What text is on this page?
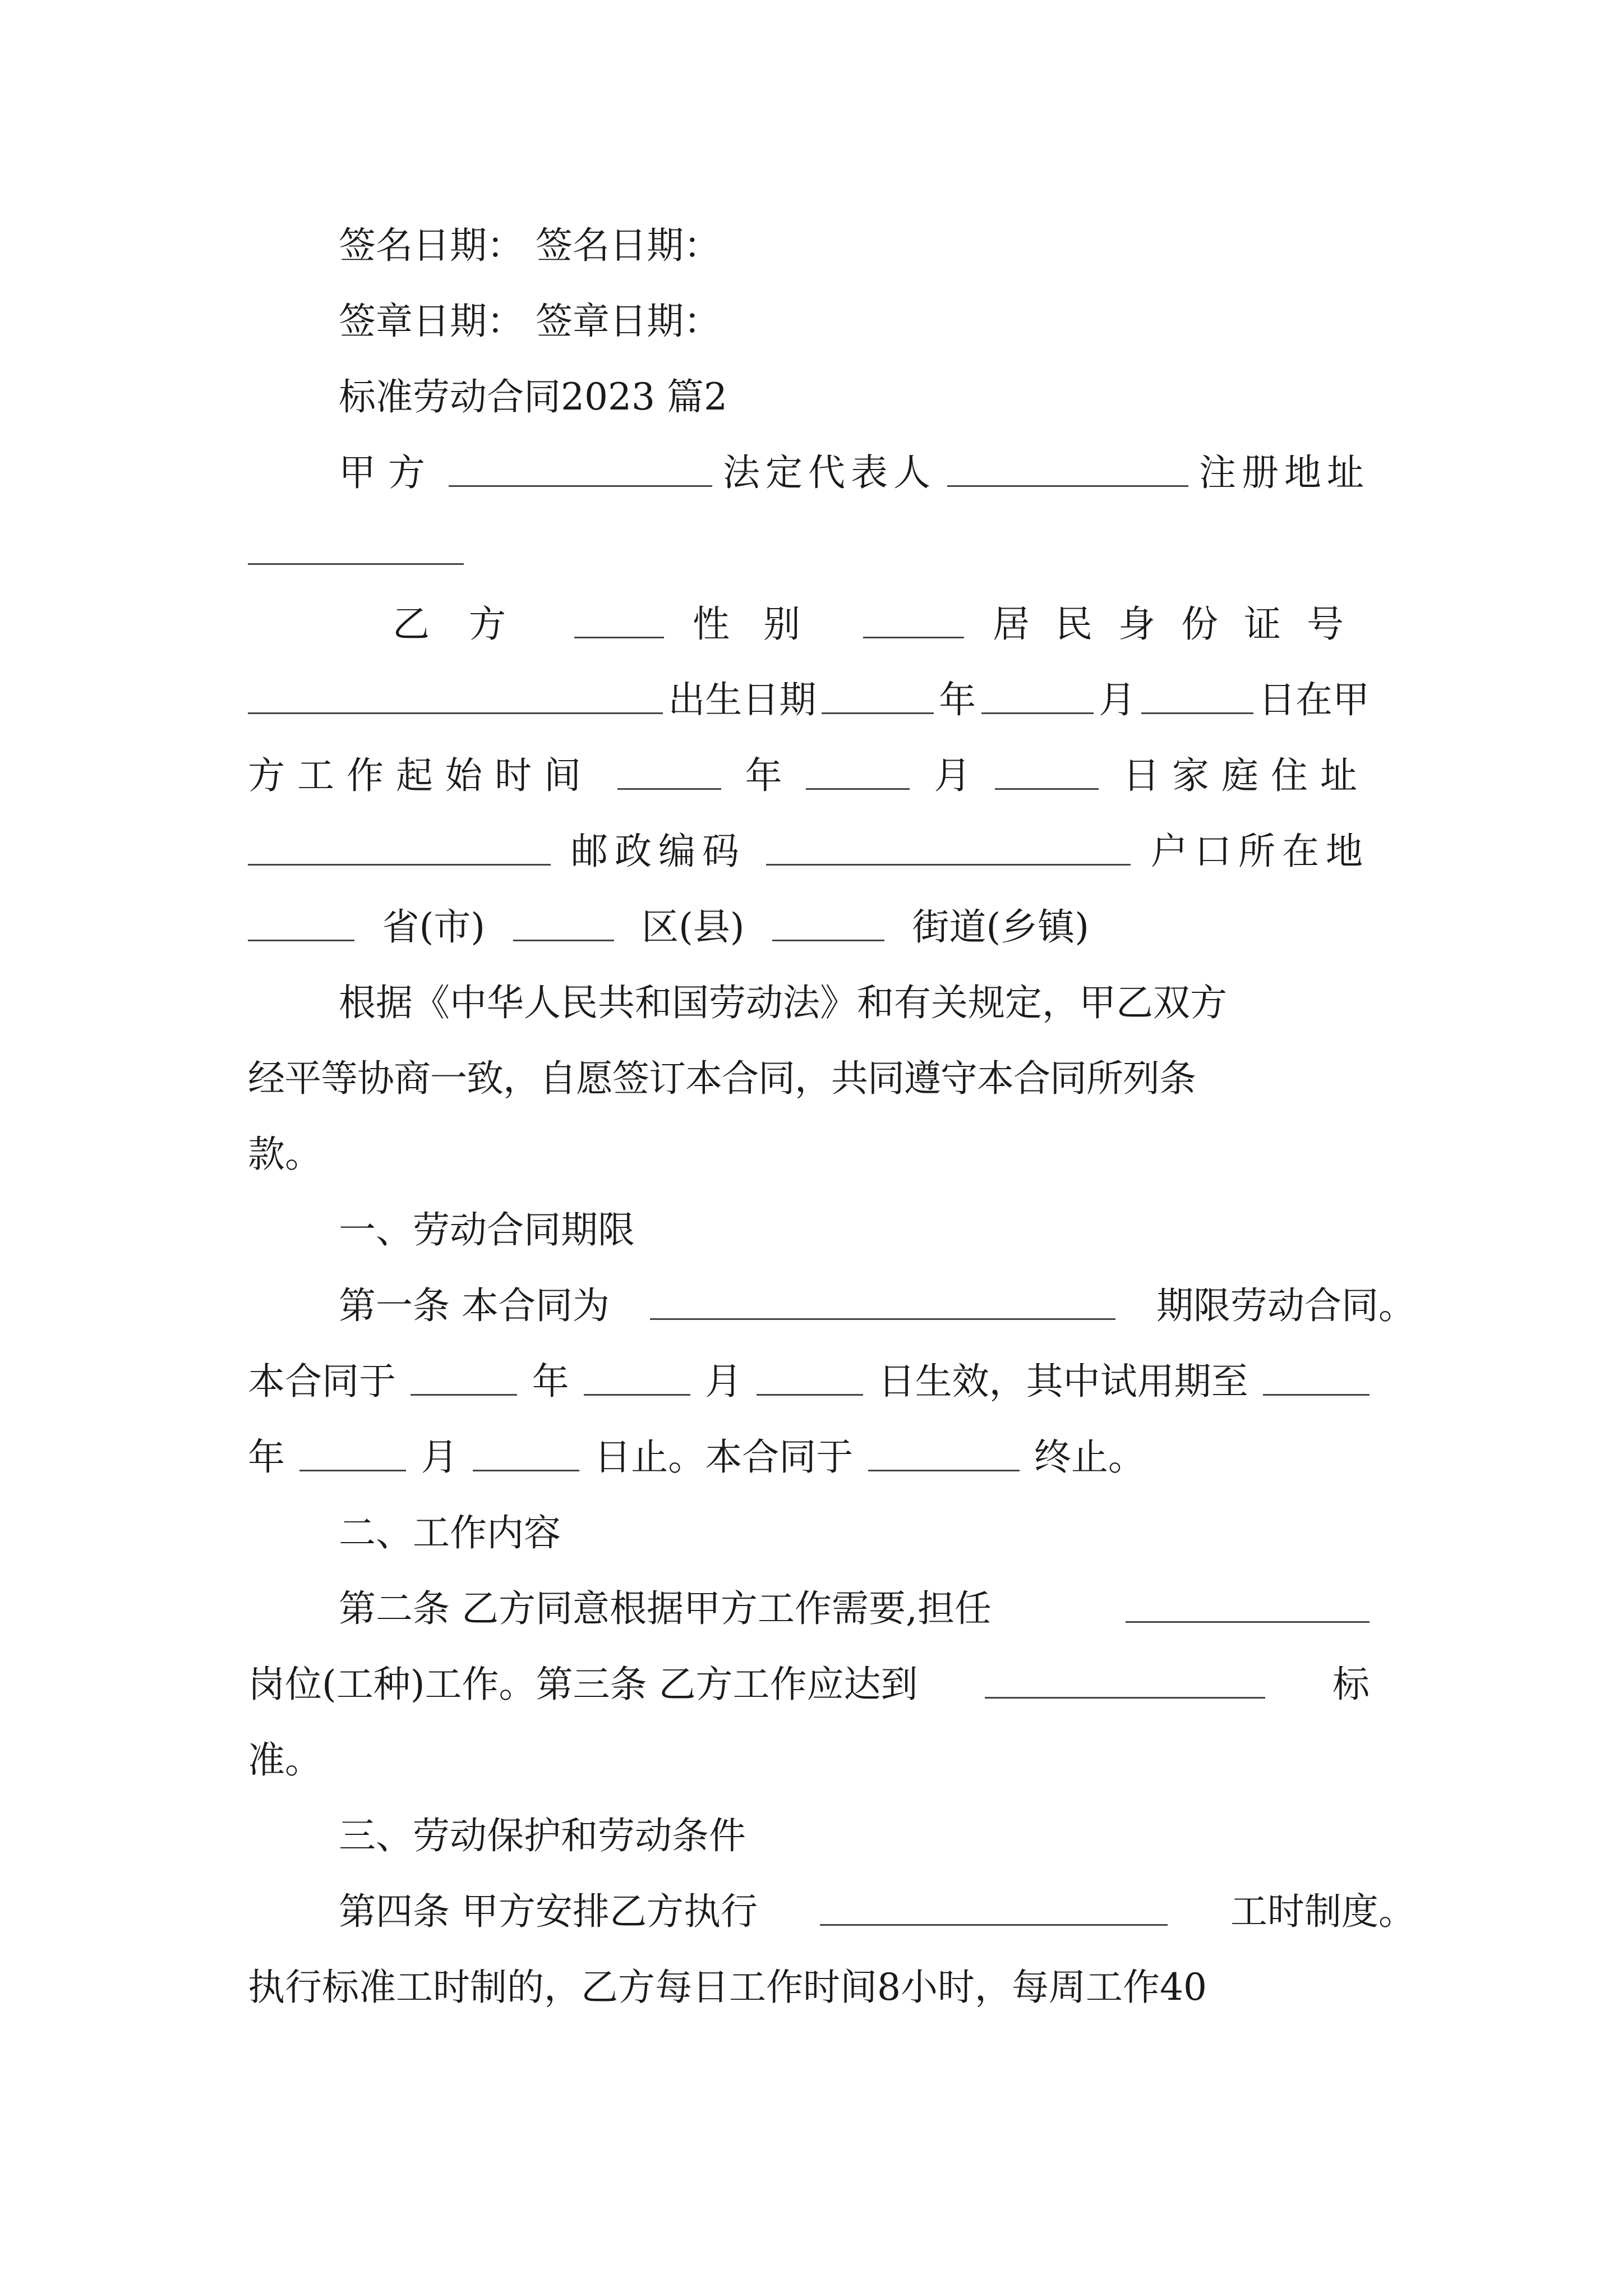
签名日期： 签名日期：
签章日期： 签章日期：
标准劳动合同2023 篇2
甲方	法定代表人	注册地址
乙方	性别	居民身份证号
出生日期	年	月	日在甲
方工作起始时间	年	月	日家庭住址
邮政编码	户口所在地
省(市)	区(县)	街道(乡镇)
根据《中华人民共和国劳动法》和有关规定，甲乙双方
经平等协商一致，自愿签订本合同，共同遵守本合同所列条
款。
一、劳动合同期限
第一条 本合同为	期限劳动合同。
本合同于	年	月	日生效，其中试用期至
年	月	日止。本合同于	终止。
二、工作内容
第二条 乙方同意根据甲方工作需要,担任
岗位(工种)工作。第三条 乙方工作应达到	标
准。
三、劳动保护和劳动条件
第四条 甲方安排乙方执行	工时制度。
执行标准工时制的，乙方每日工作时间8小时，每周工作40
